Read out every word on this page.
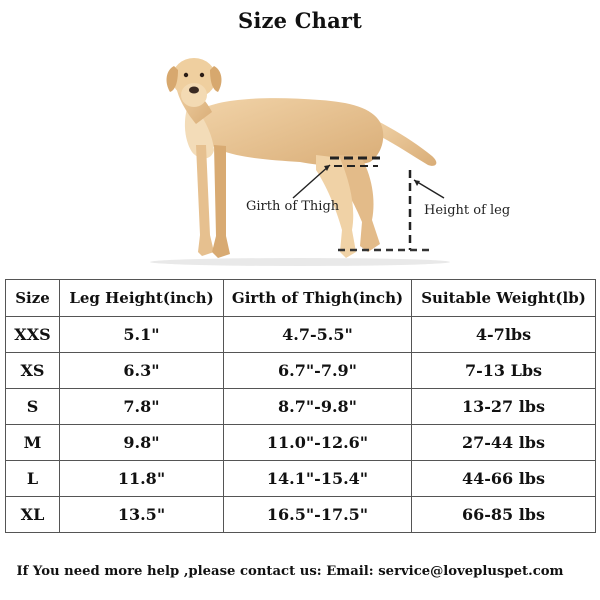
Size Chart
Girth of Thigh	Height of leg
Size	Leg Height(inch)	Girth of Thigh(inch)	Suitable Weight(lb)
XXS	5.1"	4.7-5.5"	4-7lbs
XS	6.3"	6.7"-7.9"	7-13 Lbs
S	7.8"	8.7"-9.8"	13-27 lbs
M	9.8"	11.0"-12.6"	27-44 lbs
L	11.8"	14.1"-15.4"	44-66 lbs
XL	13.5"	16.5"-17.5"	66-85 lbs
If You need more help ,please contact us: Email: service@lovepluspet.com
